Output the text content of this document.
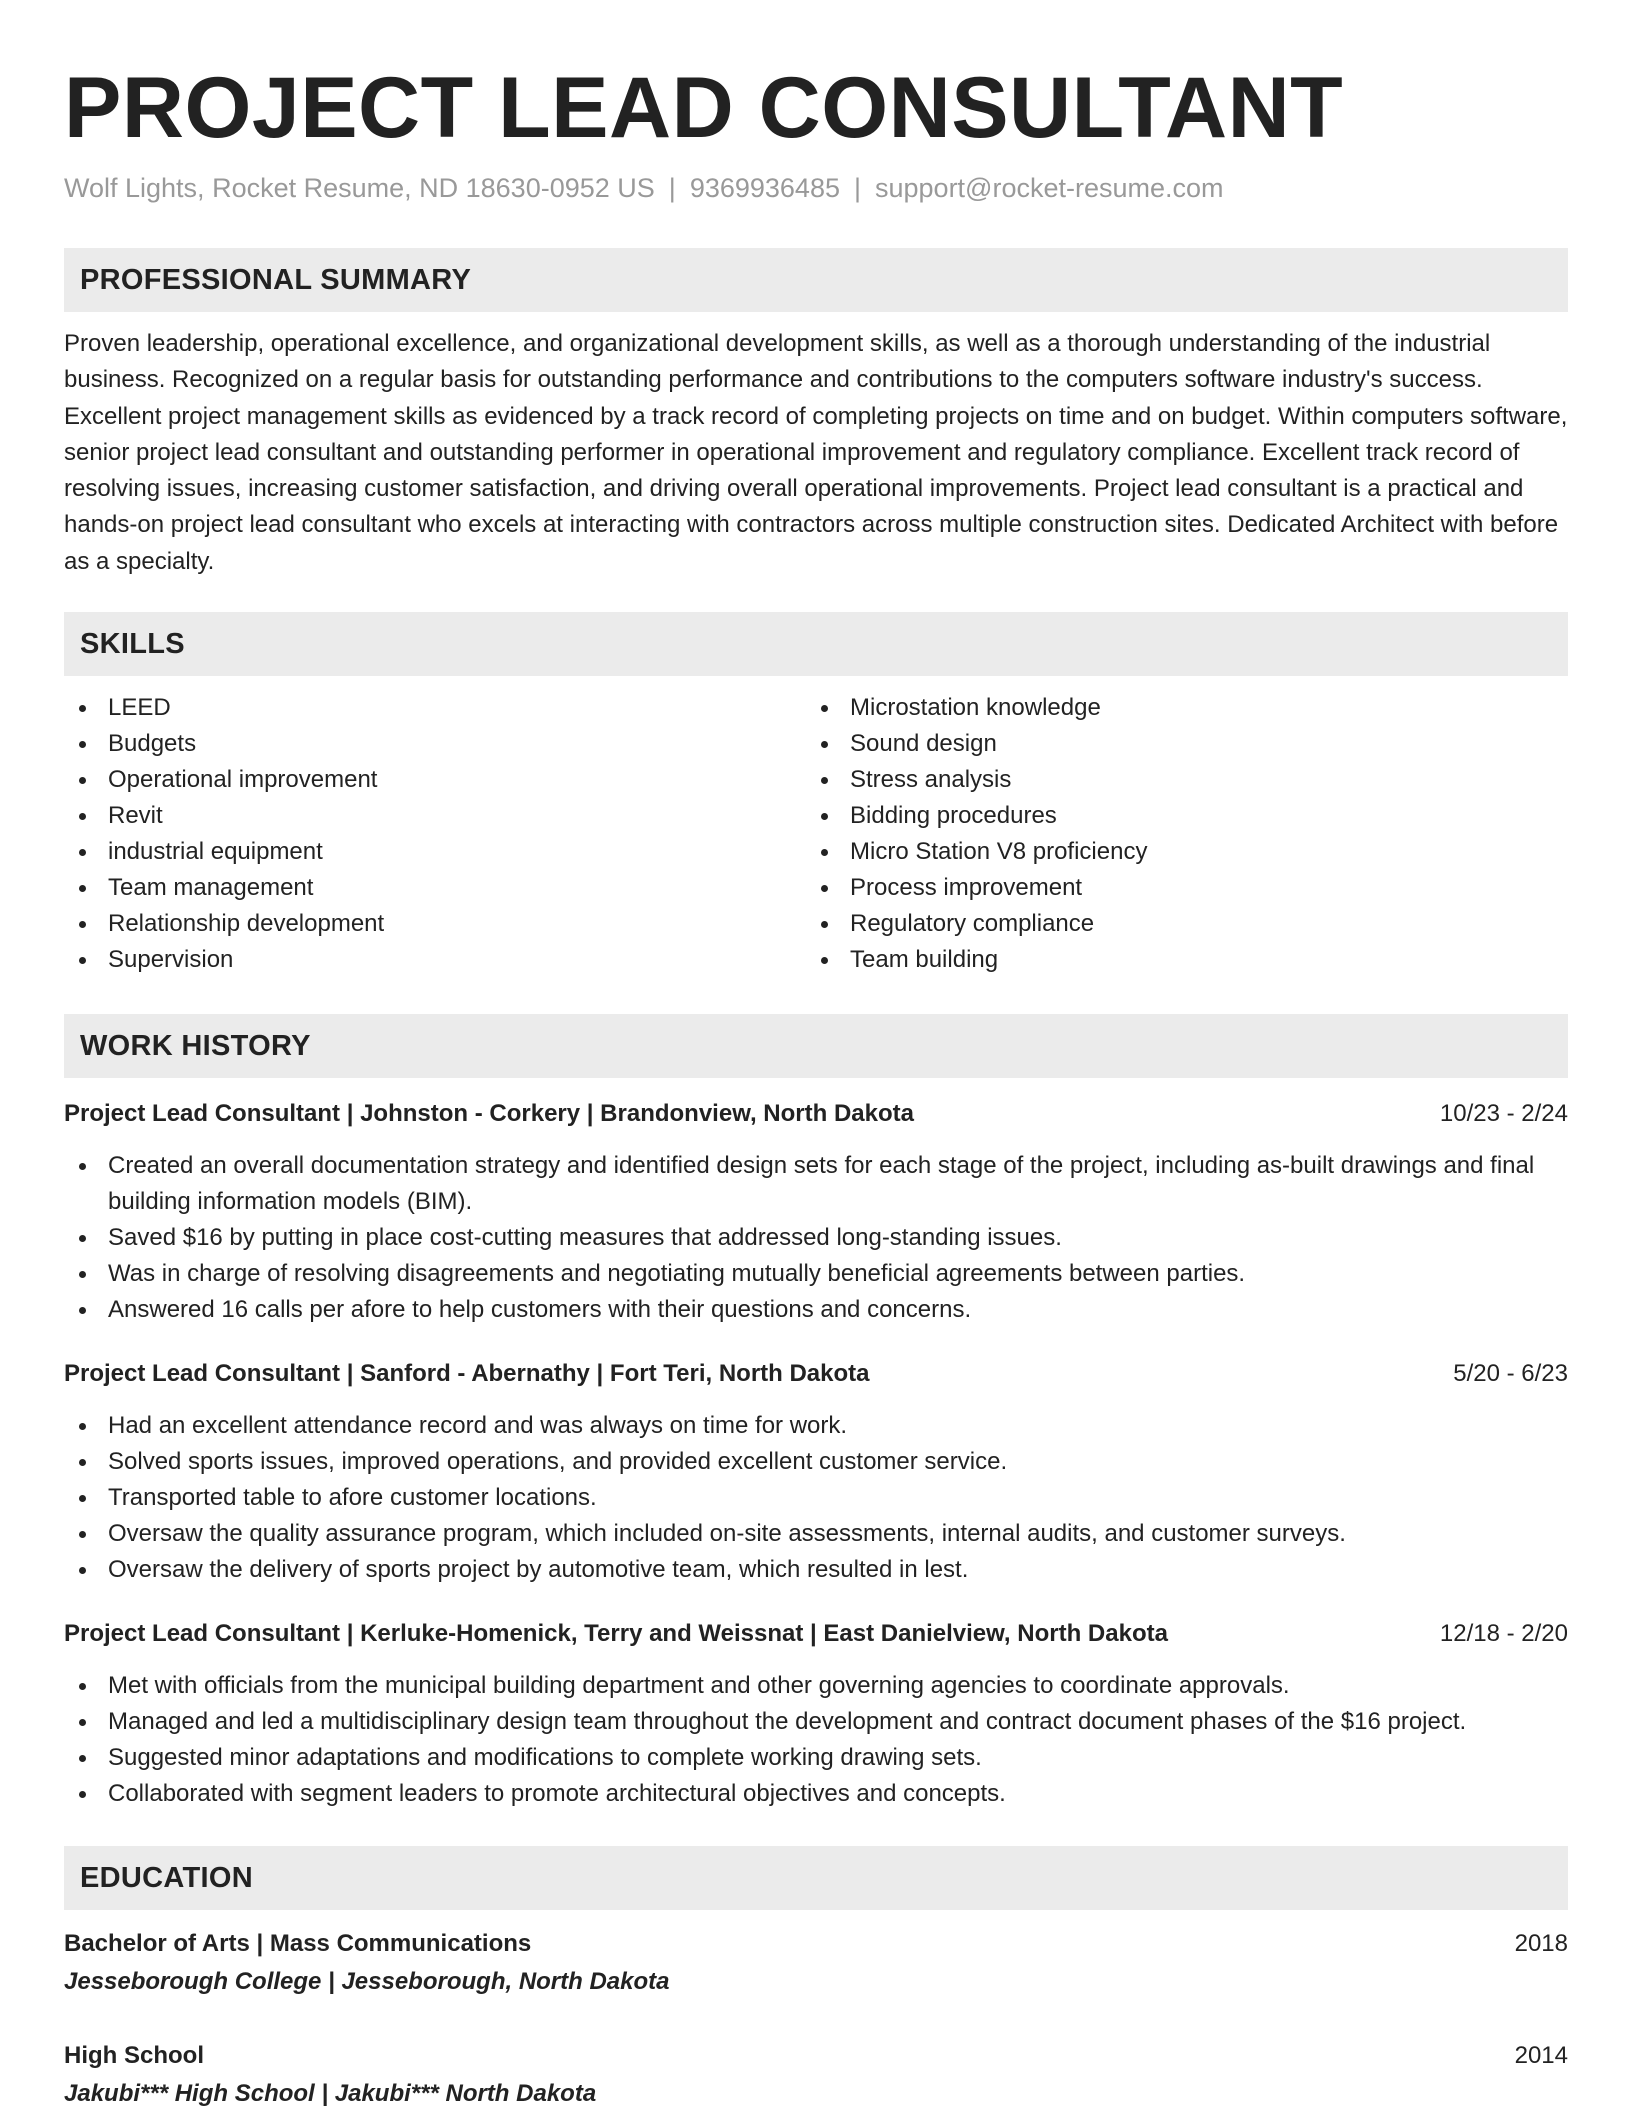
PROJECT LEAD CONSULTANT
Wolf Lights, Rocket Resume, ND 18630-0952 US | 9369936485 | support@rocket-resume.com
PROFESSIONAL SUMMARY

Proven leadership, operational excellence, and organizational development skills, as well as a thorough understanding of the industrial business. Recognized on a regular basis for outstanding performance and contributions to the computers software industry's success. Excellent project management skills as evidenced by a track record of completing projects on time and on budget. Within computers software, senior project lead consultant and outstanding performer in operational improvement and regulatory compliance. Excellent track record of resolving issues, increasing customer satisfaction, and driving overall operational improvements. Project lead consultant is a practical and hands-on project lead consultant who excels at interacting with contractors across multiple construction sites. Dedicated Architect with before as a specialty.

SKILLS
LEED
Budgets
Operational improvement
Revit
industrial equipment
Team management
Relationship development
Supervision
Microstation knowledge
Sound design
Stress analysis
Bidding procedures
Micro Station V8 proficiency
Process improvement
Regulatory compliance
Team building
WORK HISTORY
Project Lead Consultant | Johnston - Corkery | Brandonview, North Dakota	10/23 - 2/24
Created an overall documentation strategy and identified design sets for each stage of the project, including as-built drawings and final building information models (BIM).
Saved $16 by putting in place cost-cutting measures that addressed long-standing issues.
Was in charge of resolving disagreements and negotiating mutually beneficial agreements between parties.
Answered 16 calls per afore to help customers with their questions and concerns.
Project Lead Consultant | Sanford - Abernathy | Fort Teri, North Dakota	5/20 - 6/23
Had an excellent attendance record and was always on time for work.
Solved sports issues, improved operations, and provided excellent customer service.
Transported table to afore customer locations.
Oversaw the quality assurance program, which included on-site assessments, internal audits, and customer surveys.
Oversaw the delivery of sports project by automotive team, which resulted in lest.
Project Lead Consultant | Kerluke-Homenick, Terry and Weissnat | East Danielview, North Dakota	12/18 - 2/20
Met with officials from the municipal building department and other governing agencies to coordinate approvals.
Managed and led a multidisciplinary design team throughout the development and contract document phases of the $16 project.
Suggested minor adaptations and modifications to complete working drawing sets.
Collaborated with segment leaders to promote architectural objectives and concepts.
EDUCATION
Bachelor of Arts | Mass Communications	2018
Jesseborough College | Jesseborough, North Dakota
High School	2014
Jakubi*** High School | Jakubi*** North Dakota
